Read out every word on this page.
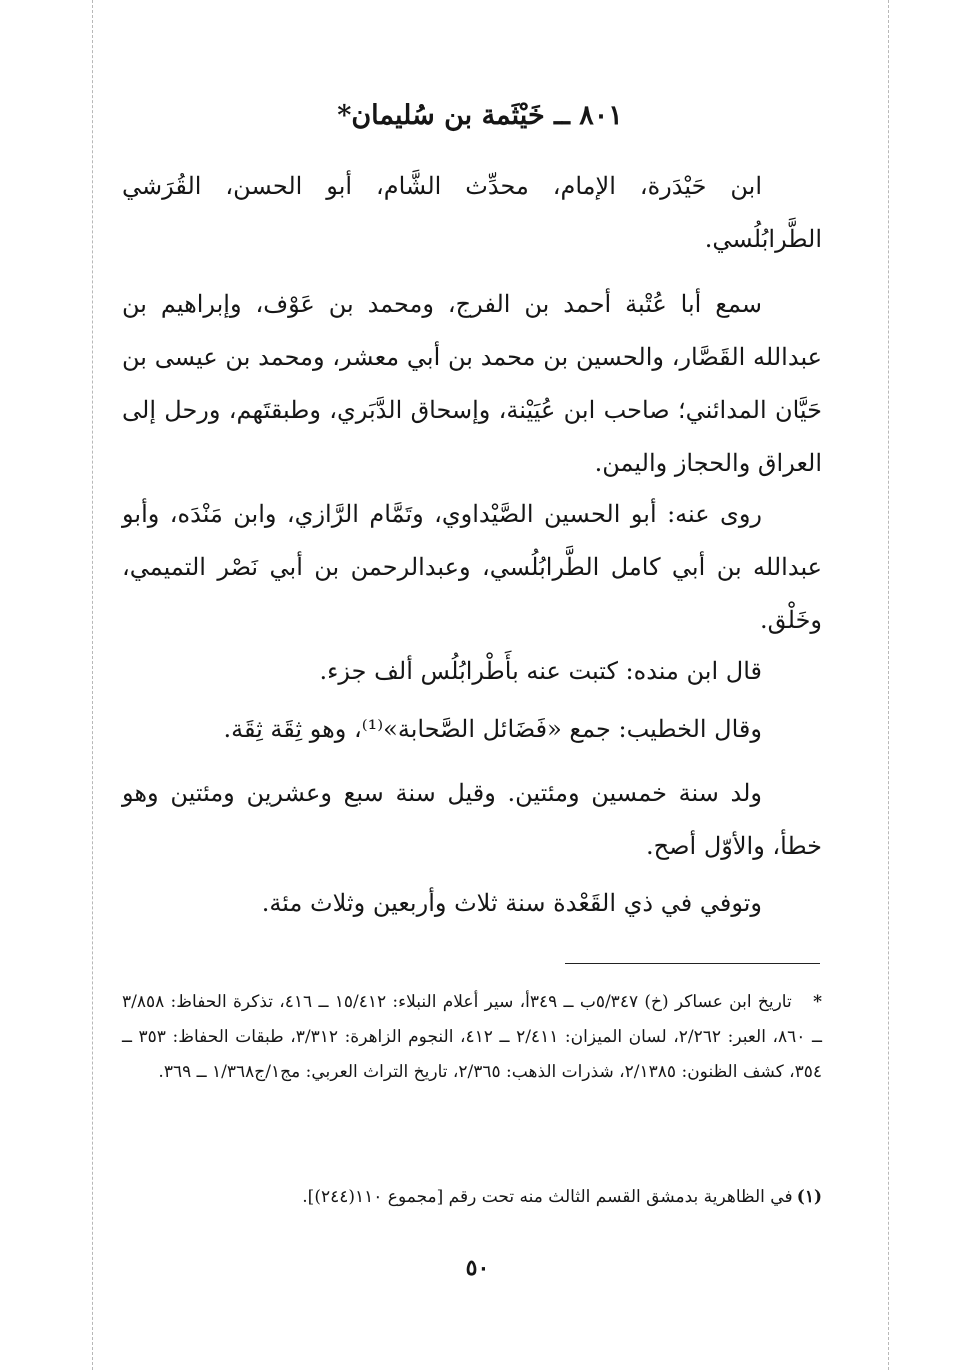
٨٠١ ــ خَيْثَمة بن سُليمان*
ابن حَيْدَرة، الإمام، محدِّث الشَّام، أبو الحسن، القُرَشي الطَّرابُلُسي.
سمع أبا عُتْبة أحمد بن الفرج، ومحمد بن عَوْف، وإبراهيم بن عبدالله القَصَّار، والحسين بن محمد بن أبي معشر، ومحمد بن عيسى بن حَيَّان المدائني؛ صاحب ابن عُيَيْنة، وإسحاق الدَّبَري، وطبقتَهم، ورحل إلى العراق والحجاز واليمن.
روى عنه: أبو الحسين الصَّيْداوي، وتَمَّام الرَّازي، وابن مَنْدَه، وأبو عبدالله بن أبي كامل الطَّرابُلُسي، وعبدالرحمن بن أبي نَصْر التميمي، وخَلْق.
قال ابن منده: كتبت عنه بأَطْرابُلُس ألف جزء.
وقال الخطيب: جمع «فَضَائل الصَّحابة»⁽¹⁾، وهو ثِقَة ثِقَة.
ولد سنة خمسين ومئتين. وقيل سنة سبع وعشرين ومئتين وهو خطأ، والأوّل أصح.
وتوفي في ذي القَعْدة سنة ثلاث وأربعين وثلاث مئة.
* تاريخ ابن عساكر (خ) ٥/٣٤٧ب ــ ٣٤٩أ، سير أعلام النبلاء: ١٥/٤١٢ ــ ٤١٦، تذكرة الحفاظ: ٣/٨٥٨ ــ ٨٦٠، العبر: ٢/٢٦٢، لسان الميزان: ٢/٤١١ ــ ٤١٢، النجوم الزاهرة: ٣/٣١٢، طبقات الحفاظ: ٣٥٣ ــ ٣٥٤، كشف الظنون: ٢/١٣٨٥، شذرات الذهب: ٢/٣٦٥، تاريخ التراث العربي: مج١/ج١/٣٦٨ ــ ٣٦٩.
(١) في الظاهرية بدمشق القسم الثالث منه تحت رقم [مجموع ١١٠(٢٤٤)].
٥٠
